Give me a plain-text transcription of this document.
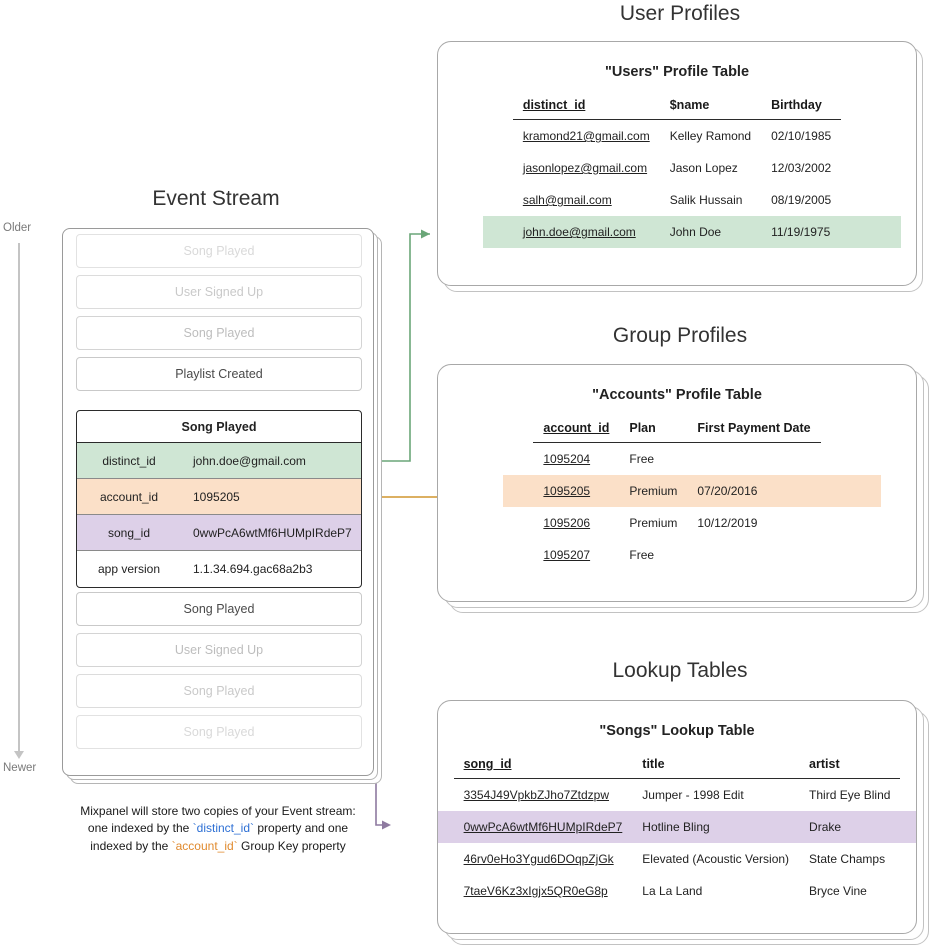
User Profiles
Group Profiles
Lookup Tables
Event Stream
Older
Newer
Song Played
User Signed Up
Song Played
Playlist Created
Song Played
distinct_id	john.doe@gmail.com
account_id	1095205
song_id	0wwPcA6wtMf6HUMpIRdeP7
app version	1.1.34.694.gac68a2b3
Song Played
User Signed Up
Song Played
Song Played
Mixpanel will store two copies of your Event stream:
one indexed by the `distinct_id` property and one
indexed by the `account_id` Group Key property
"Users" Profile Table
distinct_id	$name	Birthday
kramond21@gmail.com	Kelley Ramond	02/10/1985
jasonlopez@gmail.com	Jason Lopez	12/03/2002
salh@gmail.com	Salik Hussain	08/19/2005
john.doe@gmail.com	John Doe	11/19/1975
"Accounts" Profile Table
account_id	Plan	First Payment Date
1095204	Free	
1095205	Premium	07/20/2016
1095206	Premium	10/12/2019
1095207	Free	
"Songs" Lookup Table
song_id	title	artist
3354J49VpkbZJho7Ztdzpw	Jumper - 1998 Edit	Third Eye Blind
0wwPcA6wtMf6HUMpIRdeP7	Hotline Bling	Drake
46rv0eHo3Ygud6DOqpZjGk	Elevated (Acoustic Version)	State Champs
7taeV6Kz3xIgjx5QR0eG8p	La La Land	Bryce Vine
